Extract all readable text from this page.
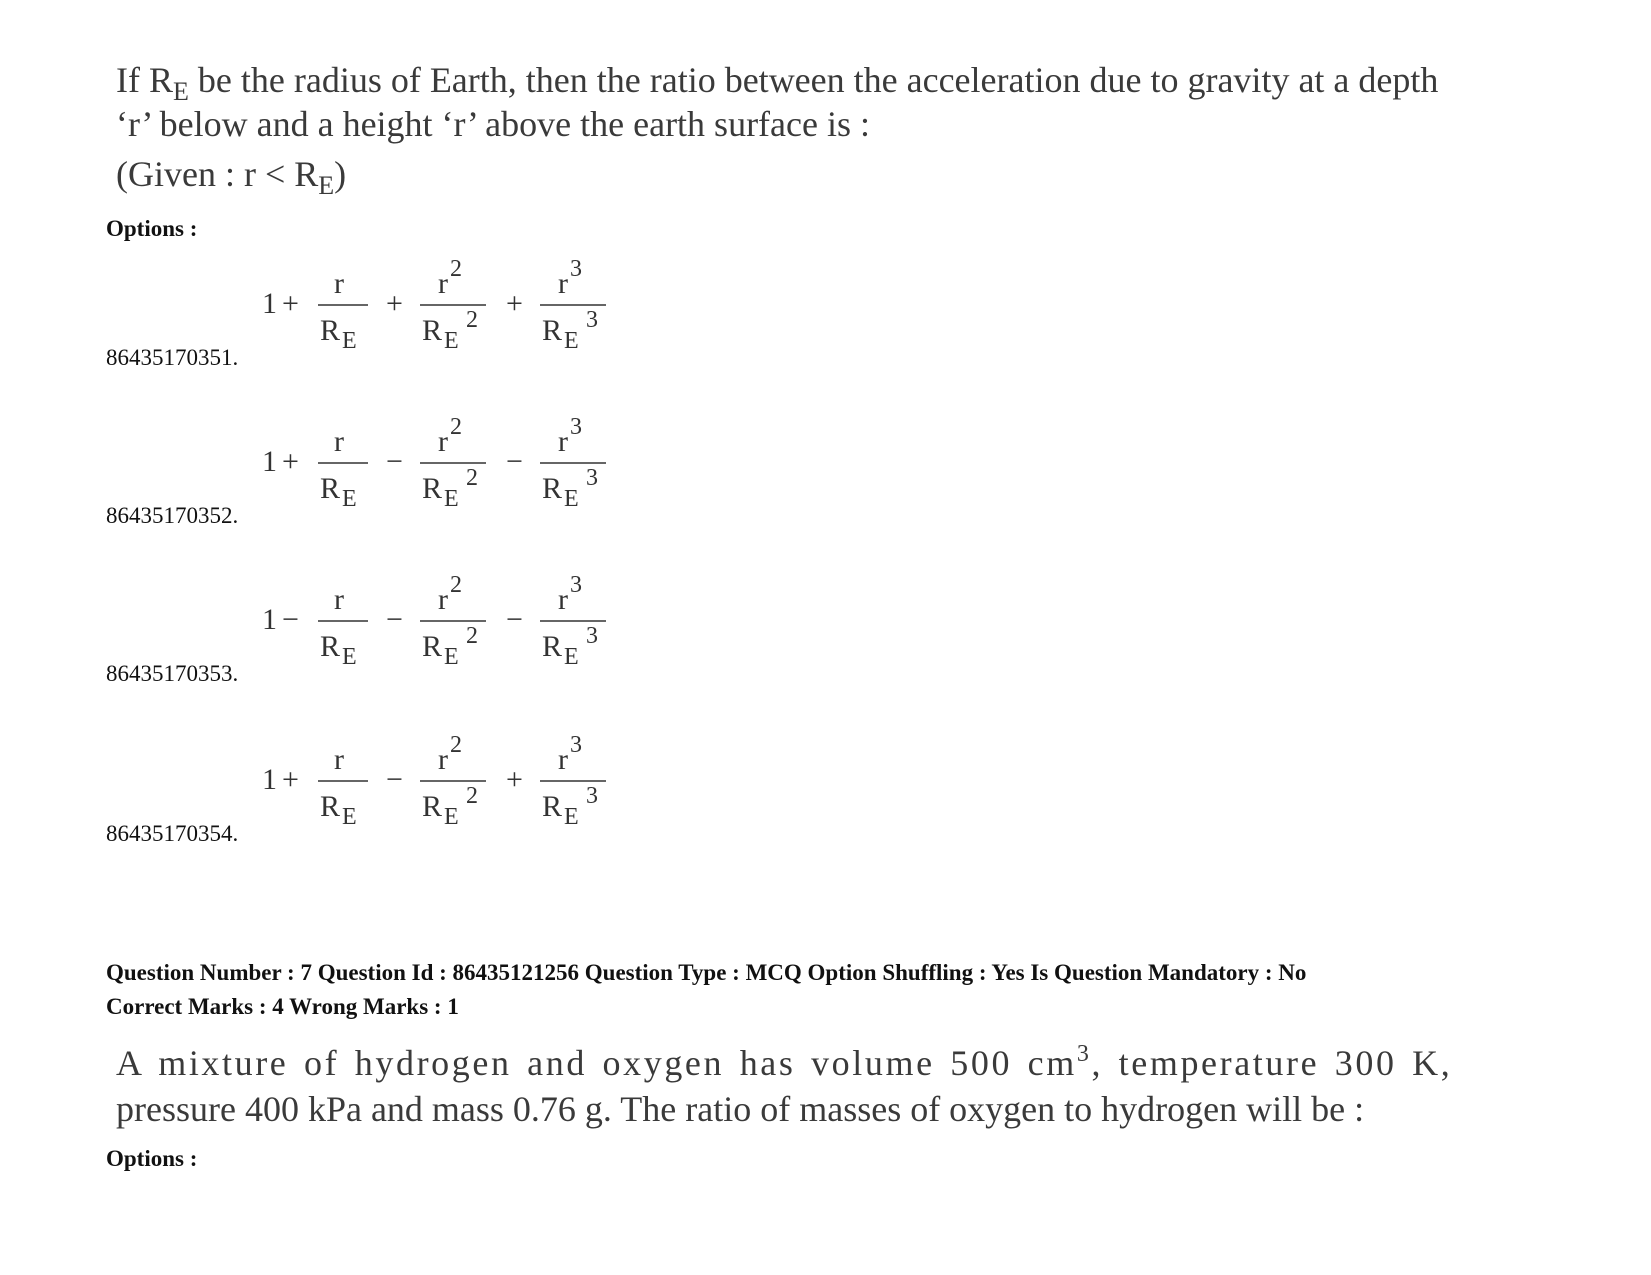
If $R_E$ be the radius of Earth, then the ratio between the acceleration due to gravity at a depth
‘r’ below and a height ‘r’ above the earth surface is :
(Given : $r < R_E$)
Options :
1 +
r
R E
+
r 2
R E
2 +
r 3
R E
3
86435170351.
1 +
r
R E
−
r 2
R E
2 −
r 3
R E
3
86435170352.
1 −
r
R E
−
r 2
R E
2 −
r 3
R E
3
86435170353.
1 +
r
R E
−
r 2
R E
2 +
r 3
R E
3
86435170354.
Question Number : 7 Question Id : 86435121256 Question Type : MCQ Option Shuffling : Yes Is Question Mandatory : No
Correct Marks : 4 Wrong Marks : 1
A mixture of hydrogen and oxygen has volume 500 $cm^3$, temperature 300 K,
pressure 400 kPa and mass 0.76 g. The ratio of masses of oxygen to hydrogen will be :
Options :
